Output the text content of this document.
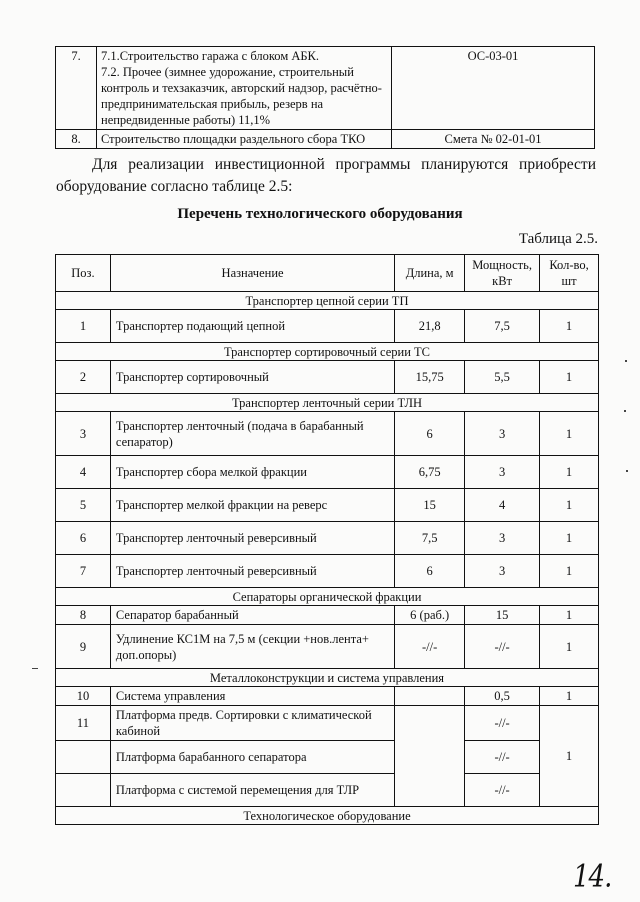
7.	7.1.Строительство гаража с блоком АБК.
7.2. Прочее (зимнее удорожание, строительный контроль и техзаказчик, авторский надзор, расчётно-предпринимательская прибыль, резерв на непредвиденные работы) 11,1%	ОС-03-01
8.	Строительство площадки раздельного сбора ТКО	Смета № 02-01-01
Для реализации инвестиционной программы планируются приобрести оборудование согласно таблице 2.5:
Перечень технологического оборудования
Таблица 2.5.
Поз.	Назначение	Длина, м	Мощность, кВт	Кол-во, шт
Транспортер цепной серии ТП				
1	Транспортер подающий цепной	21,8	7,5	1
Транспортер сортировочный серии ТС				
2	Транспортер сортировочный	15,75	5,5	1
Транспортер ленточный серии ТЛН				
3	Транспортер ленточный (подача в барабанный сепаратор)	6	3	1
4	Транспортер сбора мелкой фракции	6,75	3	1
5	Транспортер мелкой фракции на реверс	15	4	1
6	Транспортер ленточный реверсивный	7,5	3	1
7	Транспортер ленточный реверсивный	6	3	1
Сепараторы органической фракции				
8	Сепаратор барабанный	6 (раб.)	15	1
9	Удлинение КС1М на 7,5 м (секции +нов.лента+ доп.опоры)	-//-	-//-	1
Металлоконструкции и система управления				
10	Система управления		0,5	1
11	Платформа предв. Сортировки с климатической кабиной		-//-	1
	Платформа барабанного сепаратора		-//-	
	Платформа с системой перемещения для ТЛР		-//-	
Технологическое оборудование				
14.
